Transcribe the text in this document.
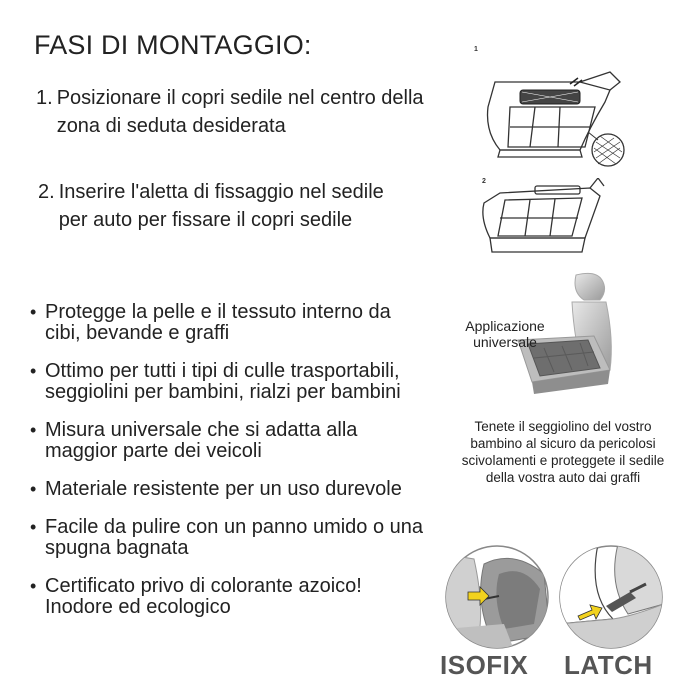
FASI DI MONTAGGIO:
1. Posizionare il copri sedile nel centro della zona di seduta desiderata
2. Inserire l'aletta di fissaggio nel sedile per auto per fissare il copri sedile
• Protegge la pelle e il tessuto interno da cibi, bevande e graffi
• Ottimo per tutti i tipi di culle trasportabili, seggiolini per bambini, rialzi per bambini
• Misura universale che si adatta alla maggior parte dei veicoli
• Materiale resistente per un uso durevole
• Facile da pulire con un panno umido o una spugna bagnata
• Certificato privo di colorante azoico! Inodore ed ecologico
1
2
Applicazione universale
Tenete il seggiolino del vostro bambino al sicuro da pericolosi scivolamenti e proteggete il sedile della vostra auto dai graffi
ISOFIX LATCH
